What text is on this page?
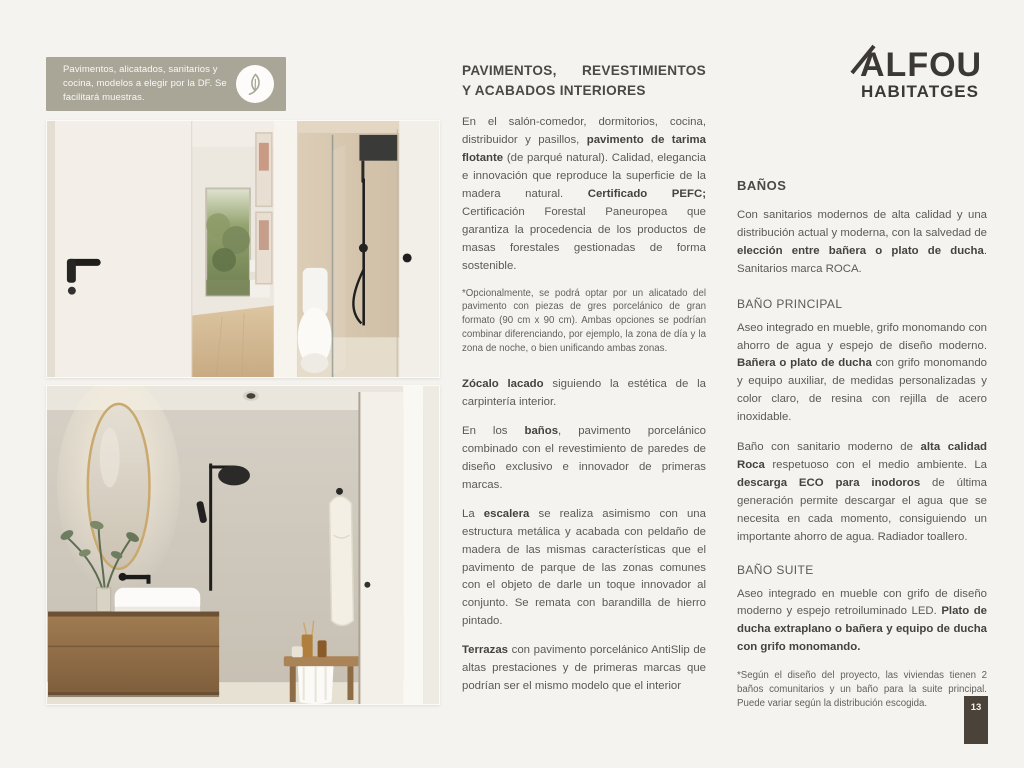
Pavimentos, alicatados, sanitarios y cocina, modelos a elegir por la DF. Se facilitará muestras.
PAVIMENTOS, REVESTIMIENTOS
Y ACABADOS INTERIORES

En el salón-comedor, dormitorios, cocina, distribuidor y pasillos, pavimento de tarima flotante (de parqué natural). Calidad, elegancia e innovación que reproduce la superficie de la madera natural. Certificado PEFC; Certificación Forestal Paneuropea que garantiza la procedencia de los productos de masas forestales gestionadas de forma sostenible.

*Opcionalmente, se podrá optar por un alicatado del pavimento con piezas de gres porcelánico de gran formato (90 cm x 90 cm). Ambas opciones se podrían combinar diferenciando, por ejemplo, la zona de día y la zona de noche, o bien unificando ambas zonas.

Zócalo lacado siguiendo la estética de la carpintería interior.

En los baños, pavimento porcelánico combinado con el revestimiento de paredes de diseño exclusivo e innovador de primeras marcas.

La escalera se realiza asimismo con una estructura metálica y acabada con peldaño de madera de las mismas características que el pavimento de parque de las zonas comunes con el objeto de darle un toque innovador al conjunto. Se remata con barandilla de hierro pintado.

Terrazas con pavimento porcelánico AntiSlip de altas prestaciones y de primeras marcas que podrían ser el mismo modelo que el interior

ALFOU
HABITATGES
BAÑOS

Con sanitarios modernos de alta calidad y una distribución actual y moderna, con la salvedad de elección entre bañera o plato de ducha. Sanitarios marca ROCA.

BAÑO PRINCIPAL

Aseo integrado en mueble, grifo monomando con ahorro de agua y espejo de diseño moderno. Bañera o plato de ducha con grifo monomando y equipo auxiliar, de medidas personalizadas y color claro, de resina con rejilla de acero inoxidable.

Baño con sanitario moderno de alta calidad Roca respetuoso con el medio ambiente. La descarga ECO para inodoros de última generación permite descargar el agua que se necesita en cada momento, consiguiendo un importante ahorro de agua. Radiador toallero.

BAÑO SUITE

Aseo integrado en mueble con grifo de diseño moderno y espejo retroiluminado LED. Plato de ducha extraplano o bañera y equipo de ducha con grifo monomando.

*Según el diseño del proyecto, las viviendas tienen 2 baños comunitarios y un baño para la suite principal. Puede variar según la distribución escogida.	13
